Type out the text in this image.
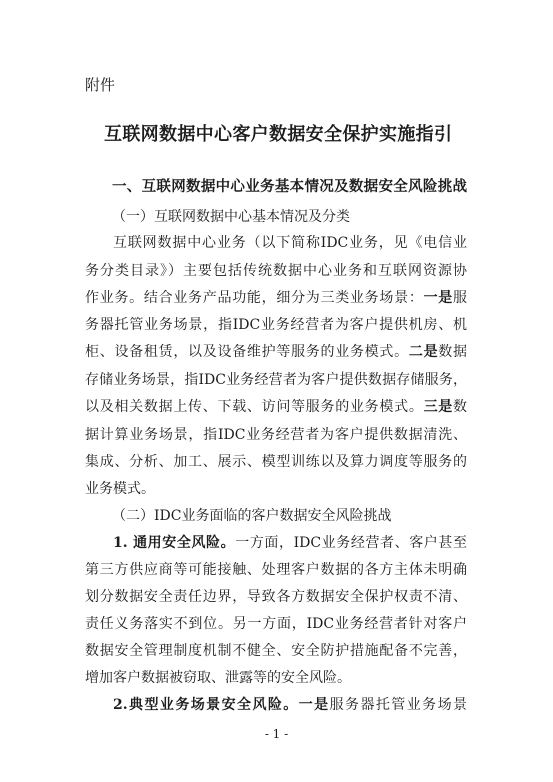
附件
互联网数据中心客户数据安全保护实施指引
一、互联网数据中心业务基本情况及数据安全风险挑战
（一）互联网数据中心基本情况及分类
互联网数据中心业务（以下简称IDC业务，见《电信业
务分类目录》）主要包括传统数据中心业务和互联网资源协
作业务。结合业务产品功能，细分为三类业务场景：一是服
务器托管业务场景，指IDC业务经营者为客户提供机房、机
柜、设备租赁，以及设备维护等服务的业务模式。二是数据
存储业务场景，指IDC业务经营者为客户提供数据存储服务，
以及相关数据上传、下载、访问等服务的业务模式。三是数
据计算业务场景，指IDC业务经营者为客户提供数据清洗、
集成、分析、加工、展示、模型训练以及算力调度等服务的
业务模式。
（二）IDC业务面临的客户数据安全风险挑战
1. 通用安全风险。一方面，IDC业务经营者、客户甚至
第三方供应商等可能接触、处理客户数据的各方主体未明确
划分数据安全责任边界，导致各方数据安全保护权责不清、
责任义务落实不到位。另一方面，IDC业务经营者针对客户
数据安全管理制度机制不健全、安全防护措施配备不完善，
增加客户数据被窃取、泄露等的安全风险。
2.典型业务场景安全风险。一是服务器托管业务场景
- 1 -
